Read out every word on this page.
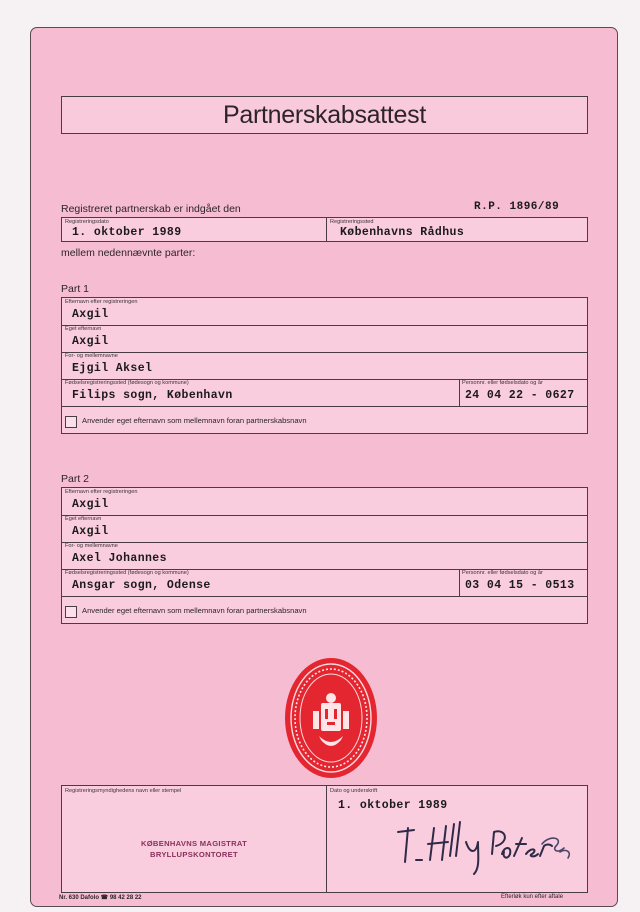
Partnerskabsattest
Registreret partnerskab er indgået den	R.P. 1896/89
Registreringsdato
1. oktober 1989
Registreringssted
Københavns Rådhus
mellem nedennævnte parter:
Part 1
Efternavn efter registreringen
Axgil
Eget efternavn
Axgil
For- og mellemnavne
Ejgil Aksel
Fødselsregistreringssted (fødesogn og kommune)
Filips sogn, København
Personnr. eller fødselsdato og år
24 04 22 - 0627
Anvender eget efternavn som mellemnavn foran partnerskabsnavn
Part 2
Efternavn efter registreringen
Axgil
Eget efternavn
Axgil
For- og mellemnavne
Axel Johannes
Fødselsregistreringssted (fødesogn og kommune)
Ansgar sogn, Odense
Personnr. eller fødselsdato og år
03 04 15 - 0513
Anvender eget efternavn som mellemnavn foran partnerskabsnavn
Registreringsmyndighedens navn eller stempel
KØBENHAVNS MAGISTRAT
BRYLLUPSKONTORET
Dato og underskrift
1. oktober 1989
Nr. 630 Dafolo ☎ 98 42 28 22	Efterløk kun efter aftale
